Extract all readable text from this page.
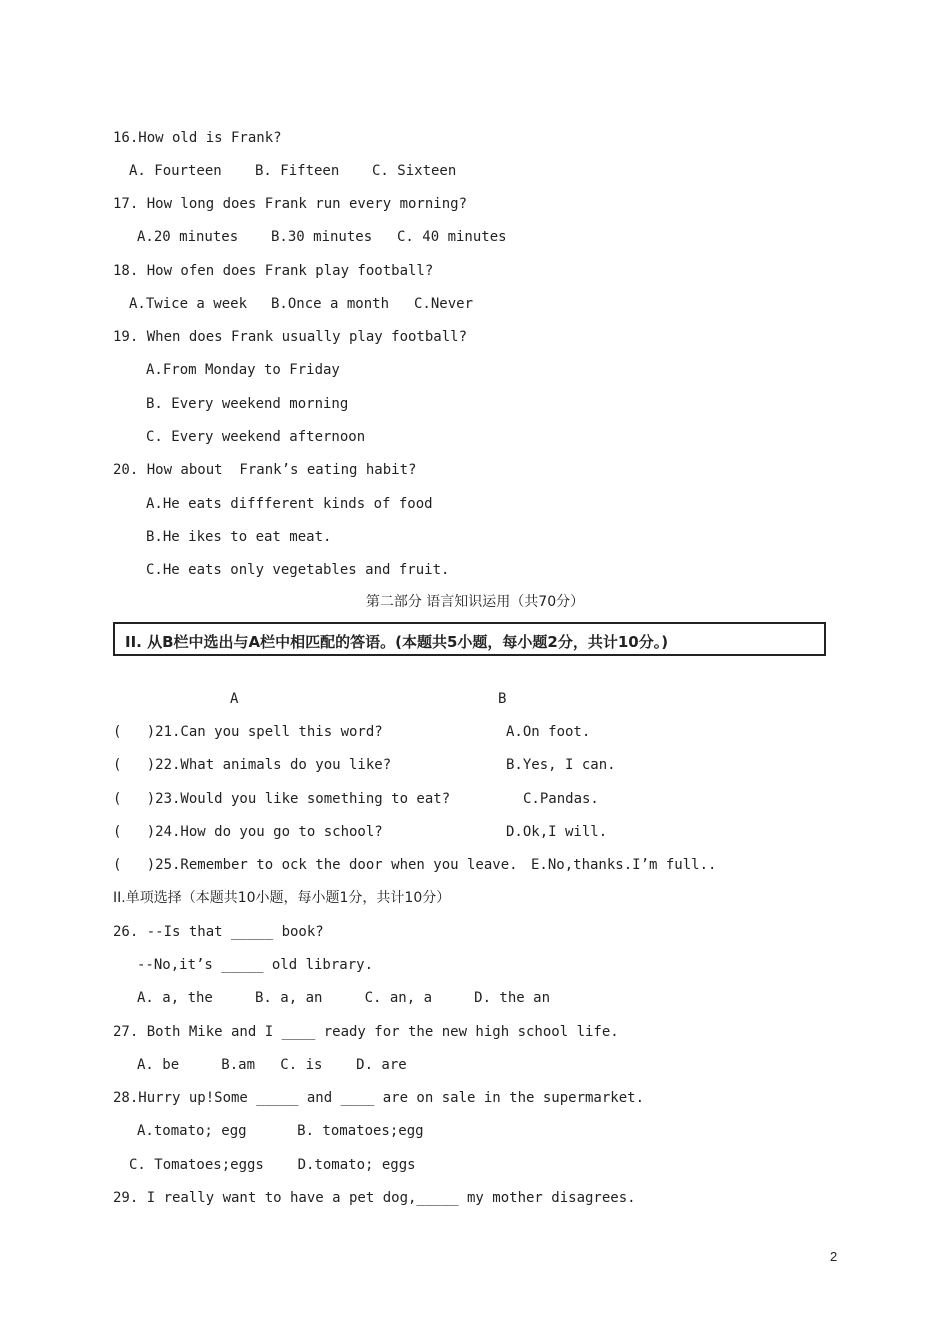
16.How old is Frank?
A. Fourteen B. Fifteen C. Sixteen
17. How long does Frank run every morning?
A.20 minutes B.30 minutes C. 40 minutes
18. How ofen does Frank play football?
A.Twice a week B.Once a month C.Never
19. When does Frank usually play football?
A.From Monday to Friday
B. Every weekend morning
C. Every weekend afternoon
20. How about  Frank’s eating habit?
A.He eats diffferent kinds of food
B.He ikes to eat meat.
C.He eats only vegetables and fruit.
第二部分 语言知识运用（共70分）
II. 从B栏中选出与A栏中相匹配的答语。(本题共5小题，每小题2分，共计10分。)
A	B
(   )21.Can you spell this word?	A.On foot.
(   )22.What animals do you like?	B.Yes, I can.
(   )23.Would you like something to eat?	C.Pandas.
(   )24.How do you go to school?	D.Ok,I will.
(   )25.Remember to ock the door when you leave. E.No,thanks.I’m full..
II.单项选择（本题共10小题，每小题1分，共计10分）
26. --Is that _____ book?
--No,it’s _____ old library.
A. a, the     B. a, an     C. an, a     D. the an
27. Both Mike and I ____ ready for the new high school life.
A. be     B.am   C. is    D. are
28.Hurry up!Some _____ and ____ are on sale in the supermarket.
A.tomato; egg      B. tomatoes;egg
C. Tomatoes;eggs    D.tomato; eggs
29. I really want to have a pet dog,_____ my mother disagrees.
2
